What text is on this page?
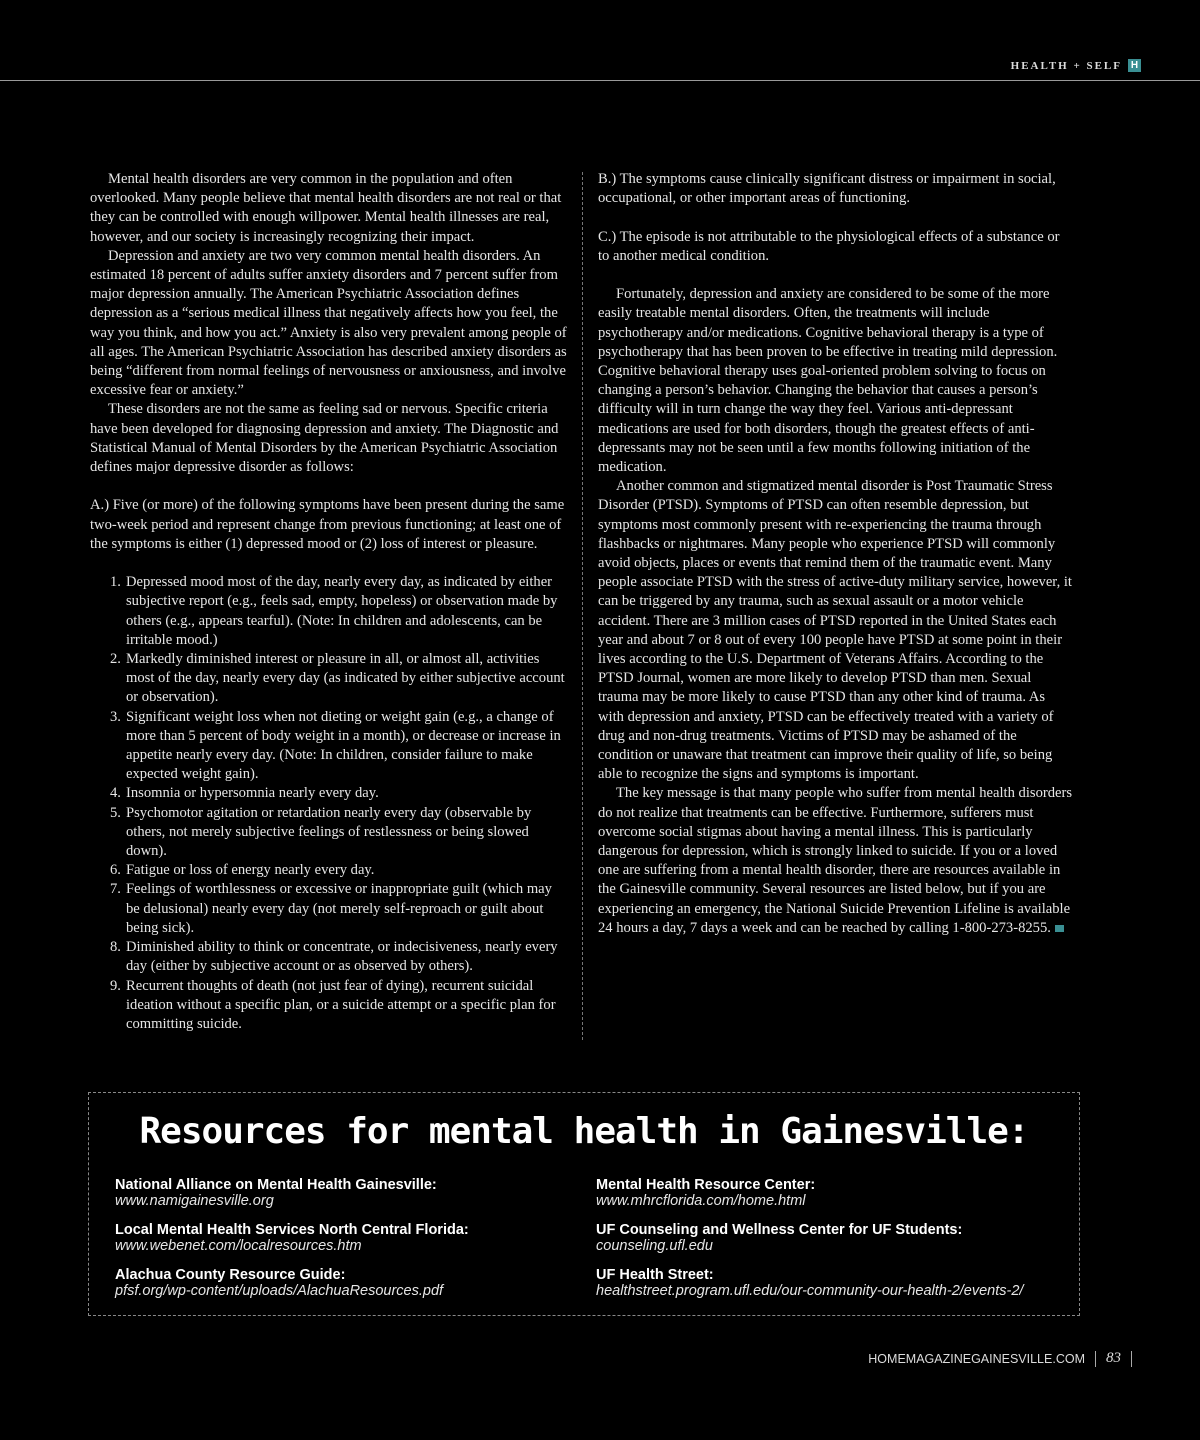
HEALTH + SELF H

Mental health disorders are very common in the population and often overlooked. Many people believe that mental health disorders are not real or that they can be controlled with enough willpower. Mental health illnesses are real, however, and our society is increasingly recognizing their impact.

Depression and anxiety are two very common mental health disorders. An estimated 18 percent of adults suffer anxiety disorders and 7 percent suffer from major depression annually. The American Psychiatric Association defines depression as a “serious medical illness that negatively affects how you feel, the way you think, and how you act.” Anxiety is also very prevalent among people of all ages. The American Psychiatric Association has described anxiety disorders as being “different from normal feelings of nervousness or anxiousness, and involve excessive fear or anxiety.”

These disorders are not the same as feeling sad or nervous. Specific criteria have been developed for diagnosing depression and anxiety. The Diagnostic and Statistical Manual of Mental Disorders by the American Psychiatric Association defines major depressive disorder as follows:

A.) Five (or more) of the following symptoms have been present during the same two-week period and represent change from previous functioning; at least one of the symptoms is either (1) depressed mood or (2) loss of interest or pleasure.

1. Depressed mood most of the day, nearly every day, as indicated by either subjective report (e.g., feels sad, empty, hopeless) or observation made by others (e.g., appears tearful). (Note: In children and adolescents, can be irritable mood.)
2. Markedly diminished interest or pleasure in all, or almost all, activities most of the day, nearly every day (as indicated by either subjective account or observation).
3. Significant weight loss when not dieting or weight gain (e.g., a change of more than 5 percent of body weight in a month), or decrease or increase in appetite nearly every day. (Note: In children, consider failure to make expected weight gain).
4. Insomnia or hypersomnia nearly every day.
5. Psychomotor agitation or retardation nearly every day (observable by others, not merely subjective feelings of restlessness or being slowed down).
6. Fatigue or loss of energy nearly every day.
7. Feelings of worthlessness or excessive or inappropriate guilt (which may be delusional) nearly every day (not merely self-reproach or guilt about being sick).
8. Diminished ability to think or concentrate, or indecisiveness, nearly every day (either by subjective account or as observed by others).
9. Recurrent thoughts of death (not just fear of dying), recurrent suicidal ideation without a specific plan, or a suicide attempt or a specific plan for committing suicide.

B.) The symptoms cause clinically significant distress or impairment in social, occupational, or other important areas of functioning.

C.) The episode is not attributable to the physiological effects of a substance or to another medical condition.

Fortunately, depression and anxiety are considered to be some of the more easily treatable mental disorders. Often, the treatments will include psychotherapy and/or medications. Cognitive behavioral therapy is a type of psychotherapy that has been proven to be effective in treating mild depression. Cognitive behavioral therapy uses goal-oriented problem solving to focus on changing a person’s behavior. Changing the behavior that causes a person’s difficulty will in turn change the way they feel. Various anti-depressant medications are used for both disorders, though the greatest effects of anti-depressants may not be seen until a few months following initiation of the medication.

Another common and stigmatized mental disorder is Post Traumatic Stress Disorder (PTSD). Symptoms of PTSD can often resemble depression, but symptoms most commonly present with re-experiencing the trauma through flashbacks or nightmares. Many people who experience PTSD will commonly avoid objects, places or events that remind them of the traumatic event. Many people associate PTSD with the stress of active-duty military service, however, it can be triggered by any trauma, such as sexual assault or a motor vehicle accident. There are 3 million cases of PTSD reported in the United States each year and about 7 or 8 out of every 100 people have PTSD at some point in their lives according to the U.S. Department of Veterans Affairs. According to the PTSD Journal, women are more likely to develop PTSD than men. Sexual trauma may be more likely to cause PTSD than any other kind of trauma. As with depression and anxiety, PTSD can be effectively treated with a variety of drug and non-drug treatments. Victims of PTSD may be ashamed of the condition or unaware that treatment can improve their quality of life, so being able to recognize the signs and symptoms is important.

The key message is that many people who suffer from mental health disorders do not realize that treatments can be effective. Furthermore, sufferers must overcome social stigmas about having a mental illness. This is particularly dangerous for depression, which is strongly linked to suicide. If you or a loved one are suffering from a mental health disorder, there are resources available in the Gainesville community. Several resources are listed below, but if you are experiencing an emergency, the National Suicide Prevention Lifeline is available 24 hours a day, 7 days a week and can be reached by calling 1-800-273-8255.

Resources for mental health in Gainesville:
National Alliance on Mental Health Gainesville:
www.namigainesville.org
Mental Health Resource Center:
www.mhrcflorida.com/home.html
Local Mental Health Services North Central Florida:
www.webenet.com/localresources.htm
UF Counseling and Wellness Center for UF Students:
counseling.ufl.edu
Alachua County Resource Guide:
pfsf.org/wp-content/uploads/AlachuaResources.pdf
UF Health Street:
healthstreet.program.ufl.edu/our-community-our-health-2/events-2/
HOMEMAGAZINEGAINESVILLE.COM 83
